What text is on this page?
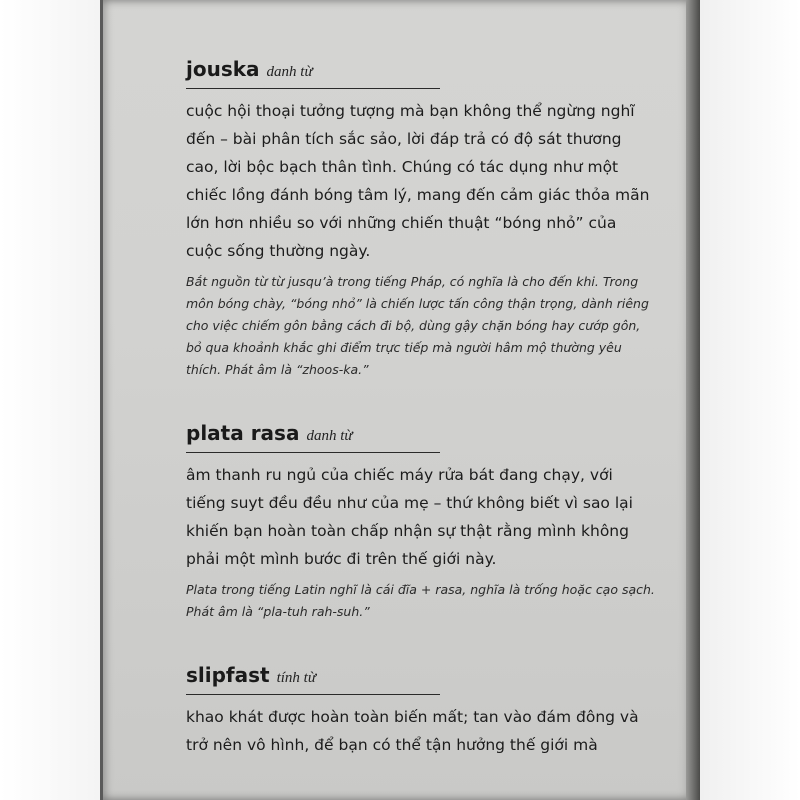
jouska danh từ

cuộc hội thoại tưởng tượng mà bạn không thể ngừng nghĩ đến – bài phân tích sắc sảo, lời đáp trả có độ sát thương cao, lời bộc bạch thân tình. Chúng có tác dụng như một chiếc lồng đánh bóng tâm lý, mang đến cảm giác thỏa mãn lớn hơn nhiều so với những chiến thuật “bóng nhỏ” của cuộc sống thường ngày.

Bắt nguồn từ từ jusqu’à trong tiếng Pháp, có nghĩa là cho đến khi. Trong môn bóng chày, “bóng nhỏ” là chiến lược tấn công thận trọng, dành riêng cho việc chiếm gôn bằng cách đi bộ, dùng gậy chặn bóng hay cướp gôn, bỏ qua khoảnh khắc ghi điểm trực tiếp mà người hâm mộ thường yêu thích. Phát âm là “zhoos-ka.”

plata rasa danh từ

âm thanh ru ngủ của chiếc máy rửa bát đang chạy, với tiếng suyt đều đều như của mẹ – thứ không biết vì sao lại khiến bạn hoàn toàn chấp nhận sự thật rằng mình không phải một mình bước đi trên thế giới này.

Plata trong tiếng Latin nghĩ là cái đĩa + rasa, nghĩa là trống hoặc cạo sạch. Phát âm là “pla-tuh rah-suh.”

slipfast tính từ

khao khát được hoàn toàn biến mất; tan vào đám đông và trở nên vô hình, để bạn có thể tận hưởng thế giới mà
